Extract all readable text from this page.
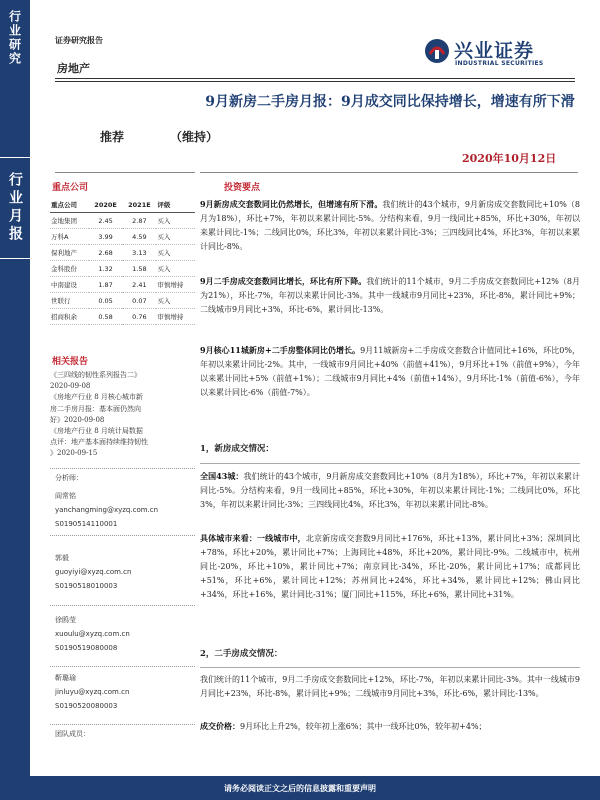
行业研究
行业月报
证券研究报告
房地产
兴业证券
INDUSTRIAL SECURITIES
9月新房二手房月报：9月成交同比保持增长，增速有所下滑
推荐	（维持）
2020年10月12日
重点公司
重点公司	2020E	2021E	评级
金地集团	2.45	2.87	买入
万科A	3.99	4.59	买入
保利地产	2.68	3.13	买入
金科股份	1.32	1.58	买入
中南建设	1.87	2.41	审慎增持
世联行	0.05	0.07	买入
招商积余	0.58	0.76	审慎增持
相关报告
《三四线的韧性系列报告二》
2020-09-08
《房地产行业 8 月核心城市新
房二手房月报：基本面仍然向
好》2020-09-08
《房地产行业 8 月统计局数据
点评：地产基本面持续维持韧性
》2020-09-15
分析师：
阎常铭
yanchangming@xyzq.com.cn
S0190514110001
郭毅
guoyiyi@xyzq.com.cn
S0190518010003
徐鸥莹
xuoulu@xyzq.com.cn
S0190519080008
靳璐瑜
jinluyu@xyzq.com.cn
S0190520080003
团队成员：
投资要点
9月新房成交套数同比仍然增长，但增速有所下滑。我们统计的43个城市，9月新房成交套数同比+10%（8月为18%），环比+7%，年初以来累计同比-5%。分结构来看，9月一线同比+85%，环比+30%，年初以来累计同比-1%；二线同比0%，环比3%，年初以来累计同比-3%；三四线同比4%，环比3%，年初以来累计同比-8%。
9月二手房成交套数同比增长，环比有所下降。我们统计的11个城市，9月二手房成交套数同比+12%（8月为21%），环比-7%，年初以来累计同比-3%。其中一线城市9月同比+23%，环比-8%，累计同比+9%；二线城市9月同比+3%，环比-6%，累计同比-13%。
9月核心11城新房+二手房整体同比仍增长。9月11城新房+二手房成交套数合计值同比+16%，环比0%，年初以来累计同比-2%。其中，一线城市9月同比+40%（前值+41%），9月环比+1%（前值+9%），今年以来累计同比+5%（前值+1%）；二线城市9月同比+4%（前值+14%），9月环比-1%（前值-6%），今年以来累计同比-6%（前值-7%）。
1，新房成交情况：
全国43城：我们统计的43个城市，9月新房成交套数同比+10%（8月为18%），环比+7%，年初以来累计同比-5%。分结构来看，9月一线同比+85%，环比+30%，年初以来累计同比-1%；二线同比0%，环比3%，年初以来累计同比-3%；三四线同比4%，环比3%，年初以来累计同比-8%。
具体城市来看：一线城市中，北京新房成交套数9月同比+176%，环比+13%，累计同比+3%；深圳同比+78%，环比+20%，累计同比+7%；上海同比+48%，环比+20%，累计同比-9%。二线城市中，杭州同比-20%，环比+10%，累计同比+7%；南京同比-34%，环比-20%，累计同比+17%；成都同比+51%，环比+6%，累计同比+12%；苏州同比+24%，环比+34%，累计同比+12%；佛山同比+34%，环比+16%，累计同比-31%；厦门同比+115%，环比+6%，累计同比+31%。
2，二手房成交情况：
我们统计的11个城市，9月二手房成交套数同比+12%，环比-7%，年初以来累计同比-3%。其中一线城市9月同比+23%，环比-8%，累计同比+9%；二线城市9月同比+3%，环比-6%，累计同比-13%。
成交价格：9月环比上升2%，较年初上涨6%；其中一线环比0%，较年初+4%；
请务必阅读正文之后的信息披露和重要声明
